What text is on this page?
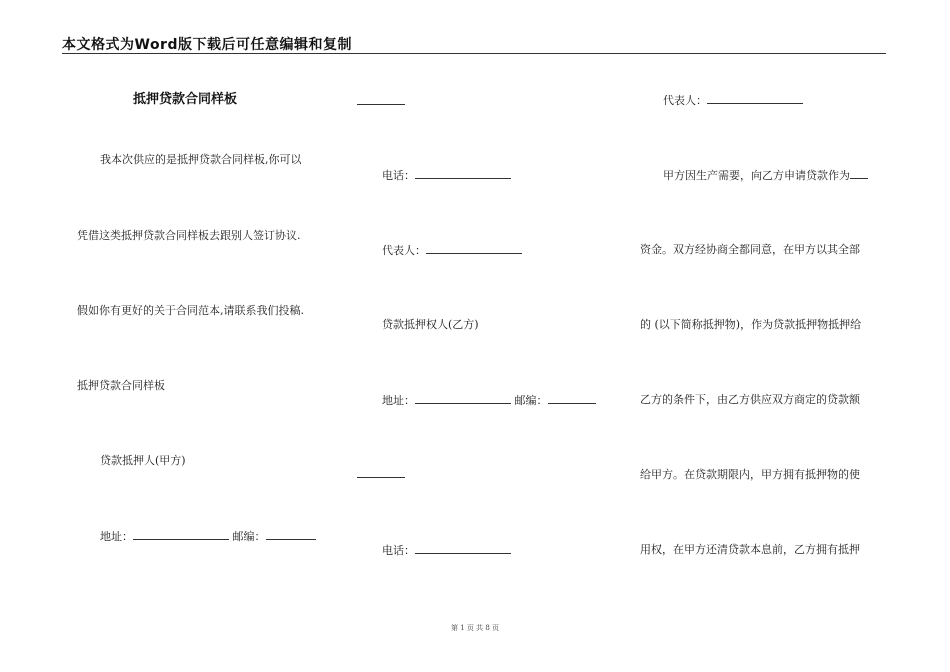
本文格式为Word版下载后可任意编辑和复制
抵押贷款合同样板
我本次供应的是抵押贷款合同样板,你可以
凭借这类抵押贷款合同样板去跟别人签订协议.
假如你有更好的关于合同范本,请联系我们投稿.
抵押贷款合同样板
贷款抵押人(甲方)
地址：	邮编：
电话：
代表人：
贷款抵押权人(乙方)
地址：	邮编：
电话：
代表人：
甲方因生产需要，向乙方申请贷款作为
资金。双方经协商全都同意，在甲方以其全部
的 (以下简称抵押物)，作为贷款抵押物抵押给
乙方的条件下，由乙方供应双方商定的贷款额
给甲方。在贷款期限内，甲方拥有抵押物的使
用权，在甲方还清贷款本息前，乙方拥有抵押
第 1 页 共 8 页
